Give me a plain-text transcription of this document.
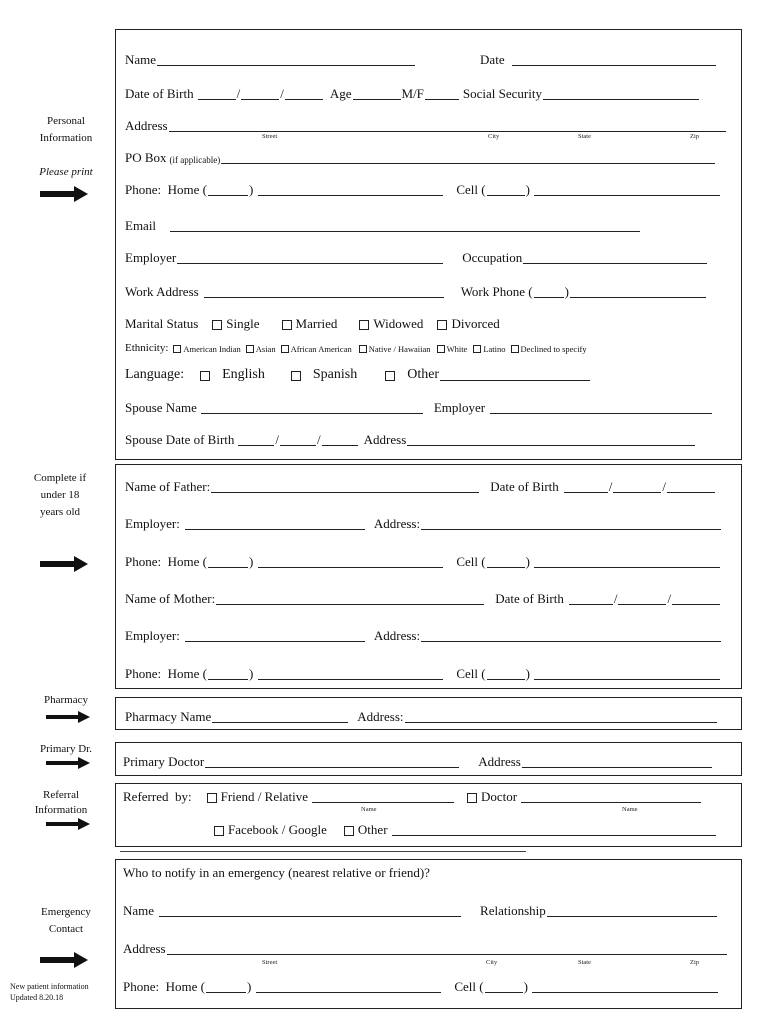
Personal
Information
Please print
Complete if
under 18
years old
Pharmacy
Primary Dr.
Referral
Information
Emergency
Contact
New patient information
Updated 8.20.18
Name	Date
Date of Birth	/	/	Age	M/F	Social Security
Address
Street	City	State	Zip
PO Box (if applicable)
Phone:  Home (	)	Cell (	)
Email
Employer	Occupation
Work Address	Work Phone ( )
Marital Status Single	Married	Widowed Divorced
Ethnicity: American Indian Asian African American Native / Hawaiian White Latino Declined to specify
Language:	English	Spanish	Other
Spouse Name	Employer
Spouse Date of Birth	/	/	Address
Name of Father:	Date of Birth	/	/
Employer:	Address:
Phone:  Home (	)	Cell (	)
Name of Mother:	Date of Birth	/	/
Employer:	Address:
Phone:  Home (	)	Cell (	)
Pharmacy Name	Address:
Primary Doctor	Address
Referred  by: Friend / Relative	Doctor
Name	Name
Facebook / Google Other
Who to notify in an emergency (nearest relative or friend)?
Name	Relationship
Address
Street	City	State	Zip
Phone:  Home (	)	Cell (	)
